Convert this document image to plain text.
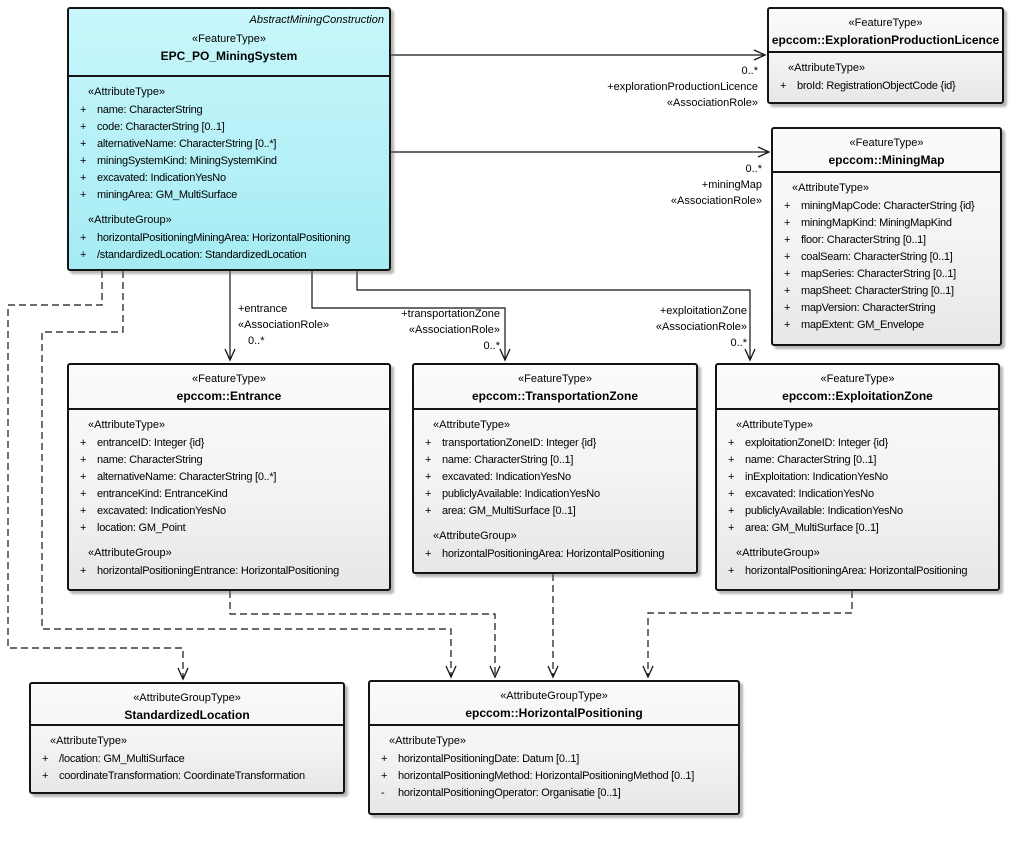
AbstractMiningConstruction
«FeatureType»
EPC_PO_MiningSystem
«AttributeType»
+ name: CharacterString
+ code: CharacterString [0..1]
+ alternativeName: CharacterString [0..*]
+ miningSystemKind: MiningSystemKind
+ excavated: IndicationYesNo
+ miningArea: GM_MultiSurface
«AttributeGroup»
+ horizontalPositioningMiningArea: HorizontalPositioning
+ /standardizedLocation: StandardizedLocation
«FeatureType»
epccom::ExplorationProductionLicence
«AttributeType»
+ broId: RegistrationObjectCode {id}
«FeatureType»
epccom::MiningMap
«AttributeType»
+ miningMapCode: CharacterString {id}
+ miningMapKind: MiningMapKind
+ floor: CharacterString [0..1]
+ coalSeam: CharacterString [0..1]
+ mapSeries: CharacterString [0..1]
+ mapSheet: CharacterString [0..1]
+ mapVersion: CharacterString
+ mapExtent: GM_Envelope
«FeatureType»
epccom::Entrance
«AttributeType»
+ entranceID: Integer {id}
+ name: CharacterString
+ alternativeName: CharacterString [0..*]
+ entranceKind: EntranceKind
+ excavated: IndicationYesNo
+ location: GM_Point
«AttributeGroup»
+ horizontalPositioningEntrance: HorizontalPositioning
«FeatureType»
epccom::TransportationZone
«AttributeType»
+ transportationZoneID: Integer {id}
+ name: CharacterString [0..1]
+ excavated: IndicationYesNo
+ publiclyAvailable: IndicationYesNo
+ area: GM_MultiSurface [0..1]
«AttributeGroup»
+ horizontalPositioningArea: HorizontalPositioning
«FeatureType»
epccom::ExploitationZone
«AttributeType»
+ exploitationZoneID: Integer {id}
+ name: CharacterString [0..1]
+ inExploitation: IndicationYesNo
+ excavated: IndicationYesNo
+ publiclyAvailable: IndicationYesNo
+ area: GM_MultiSurface [0..1]
«AttributeGroup»
+ horizontalPositioningArea: HorizontalPositioning
«AttributeGroupType»
StandardizedLocation
«AttributeType»
+ /location: GM_MultiSurface
+ coordinateTransformation: CoordinateTransformation
«AttributeGroupType»
epccom::HorizontalPositioning
«AttributeType»
+ horizontalPositioningDate: Datum [0..1]
+ horizontalPositioningMethod: HorizontalPositioningMethod [0..1]
-	horizontalPositioningOperator: Organisatie [0..1]
0..*
+explorationProductionLicence
«AssociationRole»
0..*
+miningMap
«AssociationRole»
+entrance
«AssociationRole»
0..*
+transportationZone
«AssociationRole»
0..*
+exploitationZone
«AssociationRole»
0..*
